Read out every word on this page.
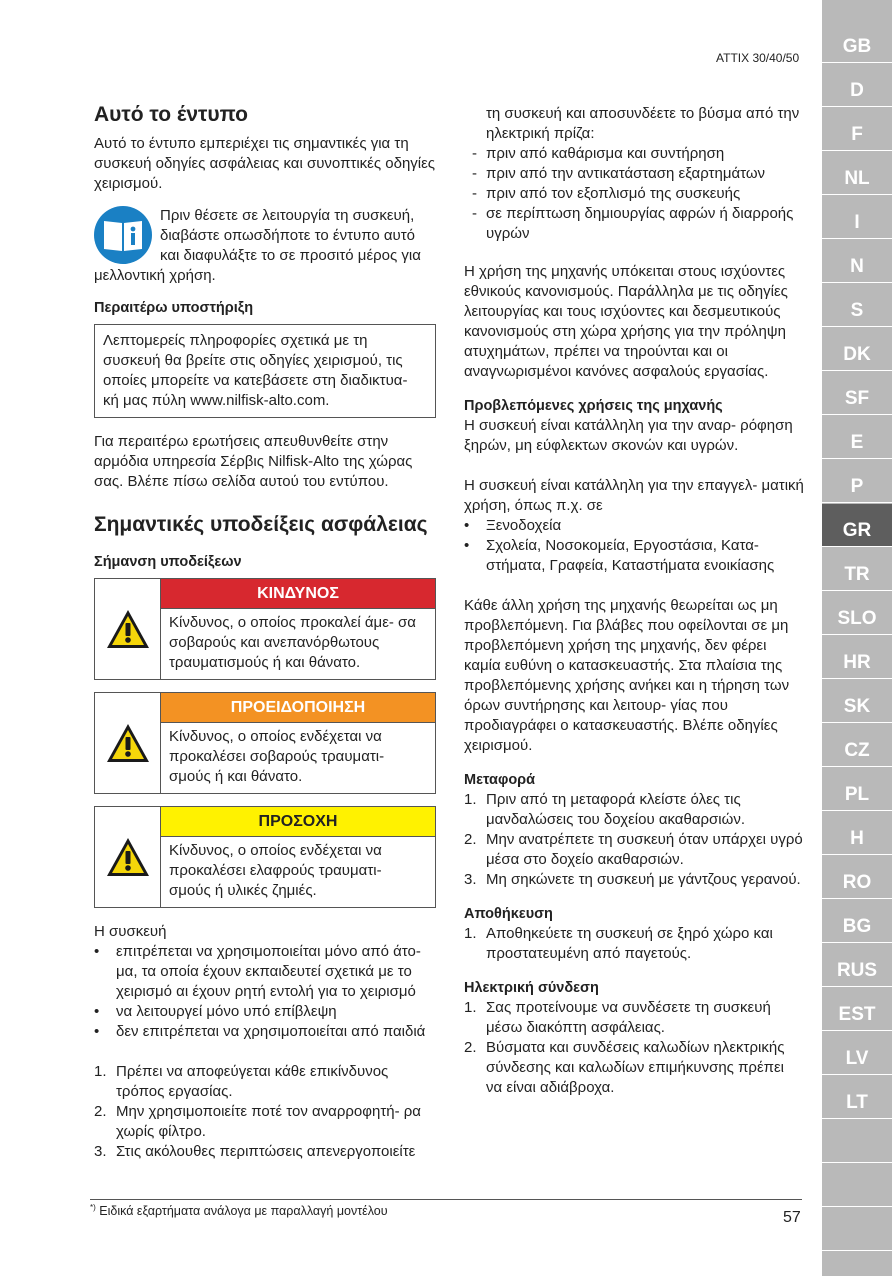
GB
D
F
NL
I
N
S
DK
SF
E
P
GR
TR
SLO
HR
SK
CZ
PL
H
RO
BG
RUS
EST
LV
LT
ATTIX 30/40/50
Αυτό το έντυπο

Αυτό το έντυπο εμπεριέχει τις σημαντικές για τη συσκευή οδηγίες ασφάλειας και συνοπτικές οδηγίες χειρισμού.

Πριν θέσετε σε λειτουργία τη συσκευή, διαβάστε οπωσδήποτε το έντυπο αυτό και διαφυλάξτε το σε προσιτό μέρος για μελλοντική χρήση.

Περαιτέρω υποστήριξη

Λεπτομερείς πληροφορίες σχετικά με τη συσκευή θα βρείτε στις οδηγίες χειρισμού, τις οποίες μπορείτε να κατεβάσετε στη διαδικτυα- κή μας πύλη www.nilfisk-alto.com.

Για περαιτέρω ερωτήσεις απευθυνθείτε στην αρμόδια υπηρεσία Σέρβις Nilfisk-Alto της χώρας σας. Βλέπε πίσω σελίδα αυτού του εντύπου.

Σημαντικές υποδείξεις ασφάλειας
Σήμανση υποδείξεων
ΚΙΝΔΥΝΟΣ
Κίνδυνος, ο οποίος προκαλεί άμε- σα σοβαρούς και ανεπανόρθωτους τραυματισμούς ή και θάνατο.
ΠΡΟΕΙΔΟΠΟΙΗΣΗ
Κίνδυνος, ο οποίος ενδέχεται να προκαλέσει σοβαρούς τραυματι- σμούς ή και θάνατο.
ΠΡΟΣΟΧΗ
Κίνδυνος, ο οποίος ενδέχεται να προκαλέσει ελαφρούς τραυματι- σμούς ή υλικές ζημιές.

Η συσκευή

•	επιτρέπεται να χρησιμοποιείται μόνο από άτο- μα, τα οποία έχουν εκπαιδευτεί σχετικά με το χειρισμό αι έχουν ρητή εντολή για το χειρισμό
•	να λειτουργεί μόνο υπό επίβλεψη
•	δεν επιτρέπεται να χρησιμοποιείται από παιδιά
1. Πρέπει να αποφεύγεται κάθε επικίνδυνος τρόπος εργασίας.
2. Μην χρησιμοποιείτε ποτέ τον αναρροφητή- ρα χωρίς φίλτρο.
3. Στις ακόλουθες περιπτώσεις απενεργοποιείτε

τη συσκευή και αποσυνδέετε το βύσμα από την ηλεκτρική πρίζα:

- πριν από καθάρισμα και συντήρηση
- πριν από την αντικατάσταση εξαρτημάτων
- πριν από τον εξοπλισμό της συσκευής
- σε περίπτωση δημιουργίας αφρών ή διαρροής υγρών

Η χρήση της μηχανής υπόκειται στους ισχύοντες εθνικούς κανονισμούς. Παράλληλα με τις οδηγίες λειτουργίας και τους ισχύοντες και δεσμευτικούς κανονισμούς στη χώρα χρήσης για την πρόληψη ατυχημάτων, πρέπει να τηρούνται και οι αναγνωρισμένοι κανόνες ασφαλούς εργασίας.

Προβλεπόμενες χρήσεις της μηχανής

Η συσκευή είναι κατάλληλη για την αναρ- ρόφηση ξηρών, μη εύφλεκτων σκονών και υγρών.

Η συσκευή είναι κατάλληλη για την επαγγελ- ματική χρήση, όπως π.χ. σε

•	Ξενοδοχεία
•	Σχολεία, Νοσοκομεία, Εργοστάσια, Κατα- στήματα, Γραφεία, Καταστήματα ενοικίασης

Κάθε άλλη χρήση της μηχανής θεωρείται ως μη προβλεπόμενη. Για βλάβες που οφείλονται σε μη προβλεπόμενη χρήση της μηχανής, δεν φέρει καμία ευθύνη ο κατασκευαστής. Στα πλαίσια της προβλεπόμενης χρήσης ανήκει και η τήρηση των όρων συντήρησης και λειτουρ- γίας που προδιαγράφει ο κατασκευαστής. Βλέπε οδηγίες χειρισμού.

Μεταφορά
1. Πριν από τη μεταφορά κλείστε όλες τις μανδαλώσεις του δοχείου ακαθαρσιών.
2. Μην ανατρέπετε τη συσκευή όταν υπάρχει υγρό μέσα στο δοχείο ακαθαρσιών.
3. Μη σηκώνετε τη συσκευή με γάντζους γερανού.
Αποθήκευση
1. Αποθηκεύετε τη συσκευή σε ξηρό χώρο και προστατευμένη από παγετούς.
Ηλεκτρική σύνδεση
1. Σας προτείνουμε να συνδέσετε τη συσκευή μέσω διακόπτη ασφάλειας.
2. Βύσματα και συνδέσεις καλωδίων ηλεκτρικής σύνδεσης και καλωδίων επιμήκυνσης πρέπει να είναι αδιάβροχα.
*) Ειδικά εξαρτήματα ανάλογα με παραλλαγή μοντέλου	57
